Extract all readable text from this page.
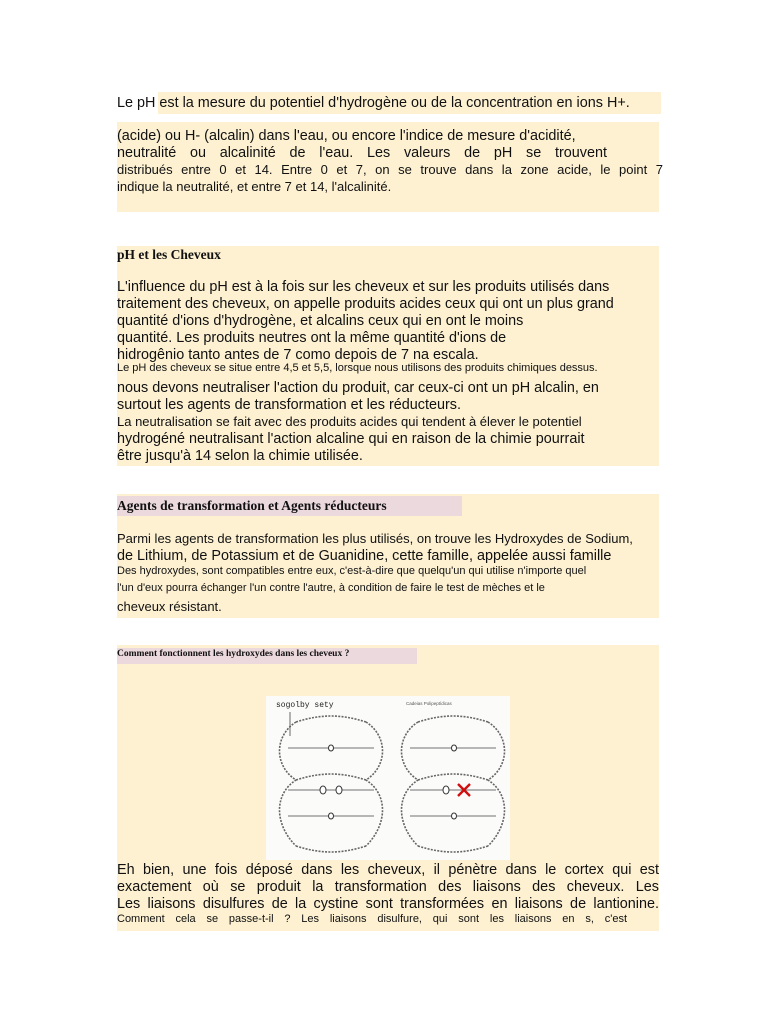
Le pH est la mesure du potentiel d'hydrogène ou de la concentration en ions H+.
(acide) ou H- (alcalin) dans l'eau, ou encore l'indice de mesure d'acidité,
neutralité ou alcalinité de l'eau. Les valeurs de pH se trouvent
distribués entre 0 et 14. Entre 0 et 7, on se trouve dans la zone acide, le point 7
indique la neutralité, et entre 7 et 14, l'alcalinité.
pH et les Cheveux
L'influence du pH est à la fois sur les cheveux et sur les produits utilisés dans
traitement des cheveux, on appelle produits acides ceux qui ont un plus grand
quantité d'ions d'hydrogène, et alcalins ceux qui en ont le moins
quantité. Les produits neutres ont la même quantité d'ions de
hidrogênio tanto antes de 7 como depois de 7 na escala.
Le pH des cheveux se situe entre 4,5 et 5,5, lorsque nous utilisons des produits chimiques dessus.
nous devons neutraliser l'action du produit, car ceux-ci ont un pH alcalin, en
surtout les agents de transformation et les réducteurs.
La neutralisation se fait avec des produits acides qui tendent à élever le potentiel
hydrogéné neutralisant l'action alcaline qui en raison de la chimie pourrait
être jusqu'à 14 selon la chimie utilisée.
Agents de transformation et Agents réducteurs
Parmi les agents de transformation les plus utilisés, on trouve les Hydroxydes de Sodium,
de Lithium, de Potassium et de Guanidine, cette famille, appelée aussi famille
Des hydroxydes, sont compatibles entre eux, c'est-à-dire que quelqu'un qui utilise n'importe quel
l'un d'eux pourra échanger l'un contre l'autre, à condition de faire le test de mèches et le
cheveux résistant.
Comment fonctionnent les hydroxydes dans les cheveux ?
sogolby sety	Cadeias Polipeptídicas
Eh bien, une fois déposé dans les cheveux, il pénètre dans le cortex qui est
exactement où se produit la transformation des liaisons des cheveux. Les
Les liaisons disulfures de la cystine sont transformées en liaisons de lantionine.
Comment cela se passe-t-il ? Les liaisons disulfure, qui sont les liaisons en s, c'est
